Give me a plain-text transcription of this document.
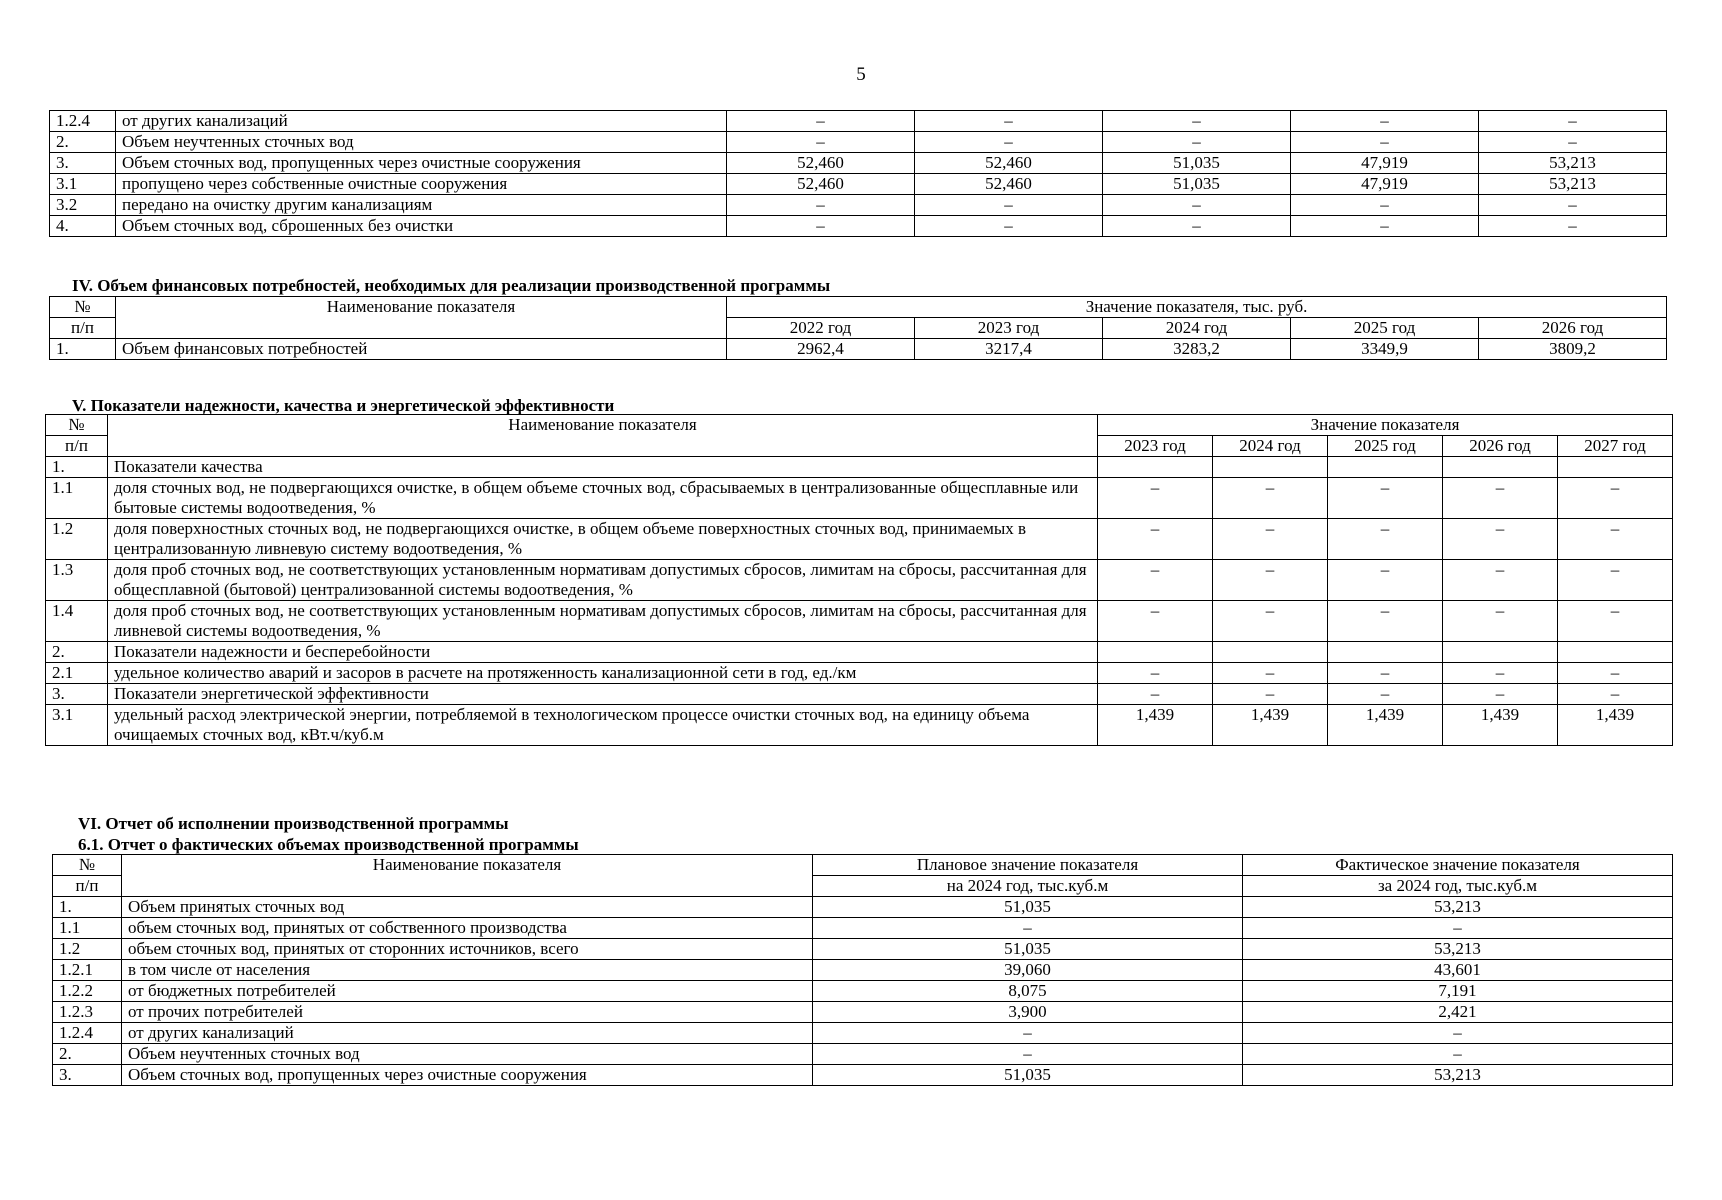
5
1.2.4	от других канализаций	–	–	–	–	–
2.	Объем неучтенных сточных вод	–	–	–	–	–
3.	Объем сточных вод, пропущенных через очистные сооружения	52,460	52,460	51,035	47,919	53,213
3.1	пропущено через собственные очистные сооружения	52,460	52,460	51,035	47,919	53,213
3.2	передано на очистку другим канализациям	–	–	–	–	–
4.	Объем сточных вод, сброшенных без очистки	–	–	–	–	–
IV. Объем финансовых потребностей, необходимых для реализации производственной программы
№	Наименование показателя	Значение показателя, тыс. руб.				
п/п		2022 год	2023 год	2024 год	2025 год	2026 год
1.	Объем финансовых потребностей	2962,4	3217,4	3283,2	3349,9	3809,2
V. Показатели надежности, качества и энергетической эффективности
№	Наименование показателя	Значение показателя				
п/п		2023 год	2024 год	2025 год	2026 год	2027 год
1.	Показатели качества					
1.1	доля сточных вод, не подвергающихся очистке, в общем объеме сточных вод, сбрасываемых в централизованные общесплавные или бытовые системы водоотведения, %	–	–	–	–	–
1.2	доля поверхностных сточных вод, не подвергающихся очистке, в общем объеме поверхностных сточных вод, принимаемых в централизованную ливневую систему водоотведения, %	–	–	–	–	–
1.3	доля проб сточных вод, не соответствующих установленным нормативам допустимых сбросов, лимитам на сбросы, рассчитанная для общесплавной (бытовой) централизованной системы водоотведения, %	–	–	–	–	–
1.4	доля проб сточных вод, не соответствующих установленным нормативам допустимых сбросов, лимитам на сбросы, рассчитанная для ливневой системы водоотведения, %	–	–	–	–	–
2.	Показатели надежности и бесперебойности					
2.1	удельное количество аварий и засоров в расчете на протяженность канализационной сети в год, ед./км	–	–	–	–	–
3.	Показатели энергетической эффективности	–	–	–	–	–
3.1	удельный расход электрической энергии, потребляемой в технологическом процессе очистки сточных вод, на единицу объема очищаемых сточных вод, кВт.ч/куб.м	1,439	1,439	1,439	1,439	1,439
VI. Отчет об исполнении производственной программы
6.1. Отчет о фактических объемах производственной программы
№	Наименование показателя	Плановое значение показателя	Фактическое значение показателя
п/п		на 2024 год, тыс.куб.м	за 2024 год, тыс.куб.м
1.	Объем принятых сточных вод	51,035	53,213
1.1	объем сточных вод, принятых от собственного производства	–	–
1.2	объем сточных вод, принятых от сторонних источников, всего	51,035	53,213
1.2.1	в том числе от населения	39,060	43,601
1.2.2	от бюджетных потребителей	8,075	7,191
1.2.3	от прочих потребителей	3,900	2,421
1.2.4	от других канализаций	–	–
2.	Объем неучтенных сточных вод	–	–
3.	Объем сточных вод, пропущенных через очистные сооружения	51,035	53,213
